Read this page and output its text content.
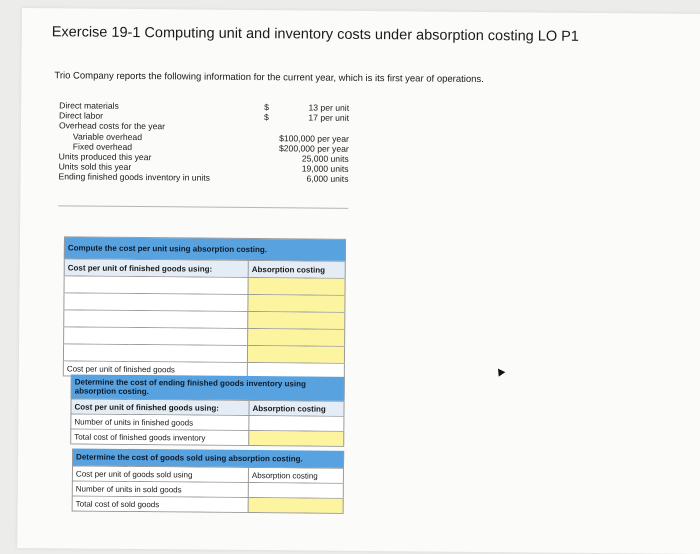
Exercise 19-1 Computing unit and inventory costs under absorption costing LO P1
Trio Company reports the following information for the current year, which is its first year of operations.
Direct materials	$	13 per unit
Direct labor	$	17 per unit
Overhead costs for the year
Variable overhead	$100,000 per year
Fixed overhead	$200,000 per year
Units produced this year	25,000 units
Units sold this year	19,000 units
Ending finished goods inventory in units	6,000 units
Compute the cost per unit using absorption costing.
Cost per unit of finished goods using:	Absorption costing
Cost per unit of finished goods
Determine the cost of ending finished goods inventory using absorption costing.
Cost per unit of finished goods using:	Absorption costing
Number of units in finished goods
Total cost of finished goods inventory
Determine the cost of goods sold using absorption costing.
Cost per unit of goods sold using	Absorption costing
Number of units in sold goods
Total cost of sold goods
